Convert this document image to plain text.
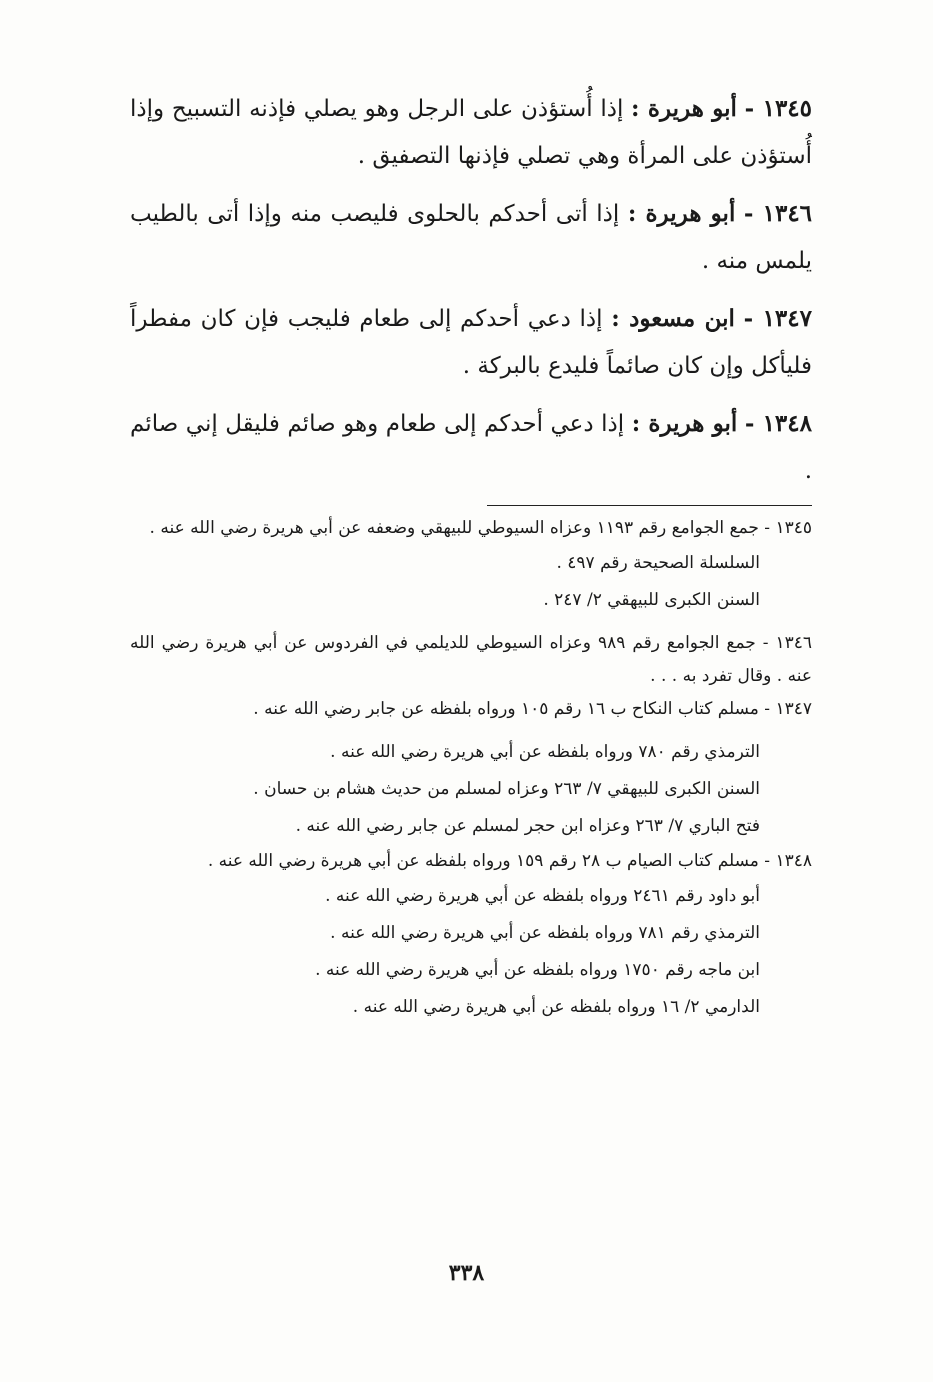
١٣٤٥ - أبو هريرة : إذا أُستؤذن على الرجل وهو يصلي فإذنه التسبيح وإذا أُستؤذن على المرأة وهي تصلي فإذنها التصفيق .

١٣٤٦ - أبو هريرة : إذا أتى أحدكم بالحلوى فليصب منه وإذا أتى بالطيب يلمس منه .

١٣٤٧ - ابن مسعود : إذا دعي أحدكم إلى طعام فليجب فإن كان مفطراً فليأكل وإن كان صائماً فليدع بالبركة .

١٣٤٨ - أبو هريرة : إذا دعي أحدكم إلى طعام وهو صائم فليقل إني صائم .

١٣٤٥ - جمع الجوامع رقم ١١٩٣ وعزاه السيوطي للبيهقي وضعفه عن أبي هريرة رضي الله عنه .

السلسلة الصحيحة رقم ٤٩٧ .

السنن الكبرى للبيهقي ٢/ ٢٤٧ .

١٣٤٦ - جمع الجوامع رقم ٩٨٩ وعزاه السيوطي للديلمي في الفردوس عن أبي هريرة رضي الله عنه . وقال تفرد به . . .

١٣٤٧ - مسلم كتاب النكاح ب ١٦ رقم ١٠٥ ورواه بلفظه عن جابر رضي الله عنه .

الترمذي رقم ٧٨٠ ورواه بلفظه عن أبي هريرة رضي الله عنه .

السنن الكبرى للبيهقي ٧/ ٢٦٣ وعزاه لمسلم من حديث هشام بن حسان .

فتح الباري ٧/ ٢٦٣ وعزاه ابن حجر لمسلم عن جابر رضي الله عنه .

١٣٤٨ - مسلم كتاب الصيام ب ٢٨ رقم ١٥٩ ورواه بلفظه عن أبي هريرة رضي الله عنه .

أبو داود رقم ٢٤٦١ ورواه بلفظه عن أبي هريرة رضي الله عنه .

الترمذي رقم ٧٨١ ورواه بلفظه عن أبي هريرة رضي الله عنه .

ابن ماجه رقم ١٧٥٠ ورواه بلفظه عن أبي هريرة رضي الله عنه .

الدارمي ٢/ ١٦ ورواه بلفظه عن أبي هريرة رضي الله عنه .

٣٣٨
